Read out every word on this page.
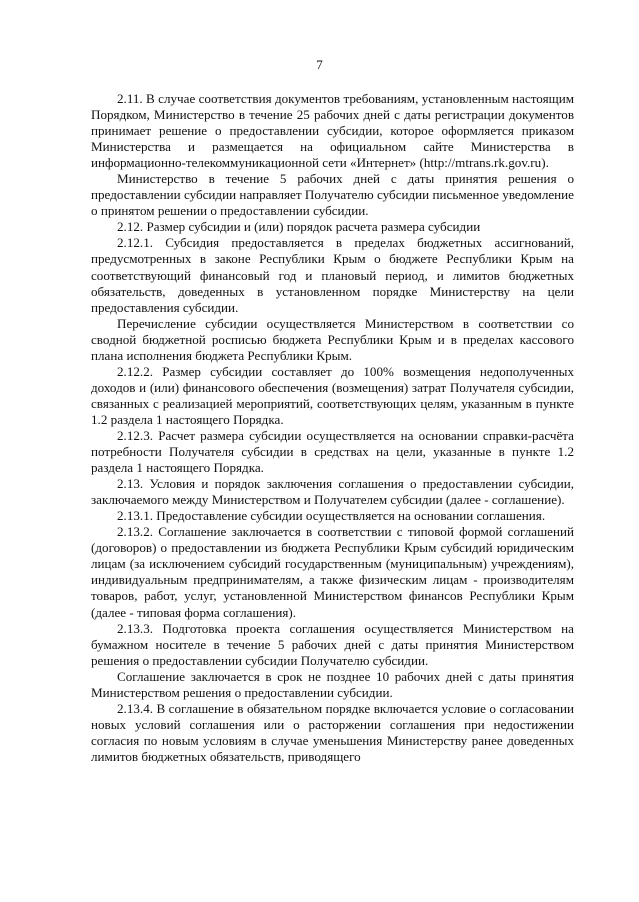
7

2.11. В случае соответствия документов требованиям, установленным настоящим Порядком, Министерство в течение 25 рабочих дней с даты регистрации документов принимает решение о предоставлении субсидии, которое оформляется приказом Министерства и размещается на официальном сайте Министерства в информационно-телекоммуникационной сети «Интернет» (http://mtrans.rk.gov.ru).

Министерство в течение 5 рабочих дней с даты принятия решения о предоставлении субсидии направляет Получателю субсидии письменное уведомление о принятом решении о предоставлении субсидии.

2.12. Размер субсидии и (или) порядок расчета размера субсидии

2.12.1. Субсидия предоставляется в пределах бюджетных ассигнований, предусмотренных в законе Республики Крым о бюджете Республики Крым на соответствующий финансовый год и плановый период, и лимитов бюджетных обязательств, доведенных в установленном порядке Министерству на цели предоставления субсидии.

Перечисление субсидии осуществляется Министерством в соответствии со сводной бюджетной росписью бюджета Республики Крым и в пределах кассового плана исполнения бюджета Республики Крым.

2.12.2. Размер субсидии составляет до 100% возмещения недополученных доходов и (или) финансового обеспечения (возмещения) затрат Получателя субсидии, связанных с реализацией мероприятий, соответствующих целям, указанным в пункте 1.2 раздела 1 настоящего Порядка.

2.12.3. Расчет размера субсидии осуществляется на основании справки-расчёта потребности Получателя субсидии в средствах на цели, указанные в пункте 1.2 раздела 1 настоящего Порядка.

2.13. Условия и порядок заключения соглашения о предоставлении субсидии, заключаемого между Министерством и Получателем субсидии (далее - соглашение).

2.13.1. Предоставление субсидии осуществляется на основании соглашения.

2.13.2. Соглашение заключается в соответствии с типовой формой соглашений (договоров) о предоставлении из бюджета Республики Крым субсидий юридическим лицам (за исключением субсидий государственным (муниципальным) учреждениям), индивидуальным предпринимателям, а также физическим лицам - производителям товаров, работ, услуг, установленной Министерством финансов Республики Крым (далее - типовая форма соглашения).

2.13.3. Подготовка проекта соглашения осуществляется Министерством на бумажном носителе в течение 5 рабочих дней с даты принятия Министерством решения о предоставлении субсидии Получателю субсидии.

Соглашение заключается в срок не позднее 10 рабочих дней с даты принятия Министерством решения о предоставлении субсидии.

2.13.4. В соглашение в обязательном порядке включается условие о согласовании новых условий соглашения или о расторжении соглашения при недостижении согласия по новым условиям в случае уменьшения Министерству ранее доведенных лимитов бюджетных обязательств, приводящего
